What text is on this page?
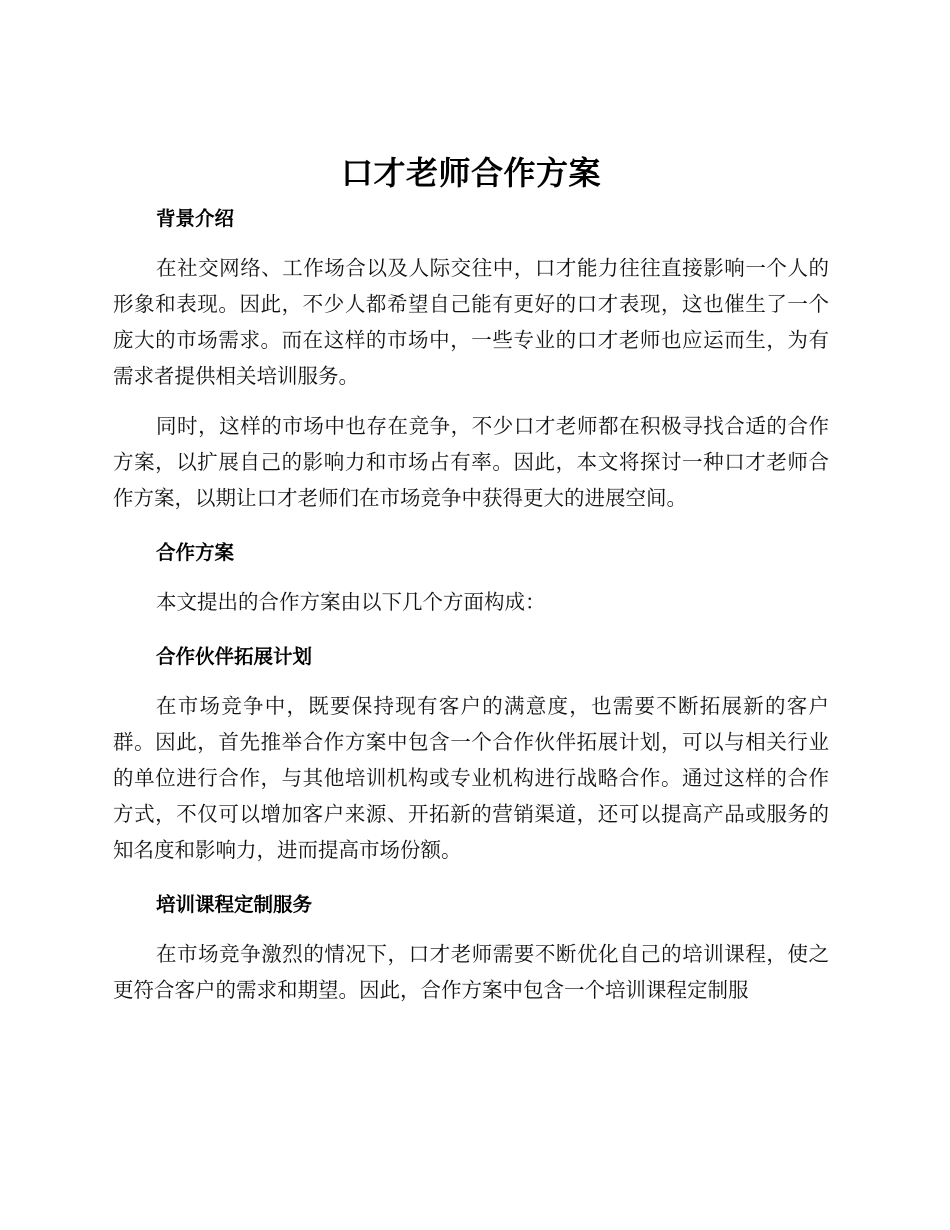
口才老师合作方案
背景介绍

在社交网络、工作场合以及人际交往中，口才能力往往直接影响一个人的形象和表现。因此，不少人都希望自己能有更好的口才表现，这也催生了一个庞大的市场需求。而在这样的市场中，一些专业的口才老师也应运而生，为有需求者提供相关培训服务。

同时，这样的市场中也存在竞争，不少口才老师都在积极寻找合适的合作方案，以扩展自己的影响力和市场占有率。因此，本文将探讨一种口才老师合作方案，以期让口才老师们在市场竞争中获得更大的进展空间。

合作方案

本文提出的合作方案由以下几个方面构成：

合作伙伴拓展计划

在市场竞争中，既要保持现有客户的满意度，也需要不断拓展新的客户群。因此，首先推举合作方案中包含一个合作伙伴拓展计划，可以与相关行业的单位进行合作，与其他培训机构或专业机构进行战略合作。通过这样的合作方式，不仅可以增加客户来源、开拓新的营销渠道，还可以提高产品或服务的知名度和影响力，进而提高市场份额。

培训课程定制服务

在市场竞争激烈的情况下，口才老师需要不断优化自己的培训课程，使之更符合客户的需求和期望。因此，合作方案中包含一个培训课程定制服
